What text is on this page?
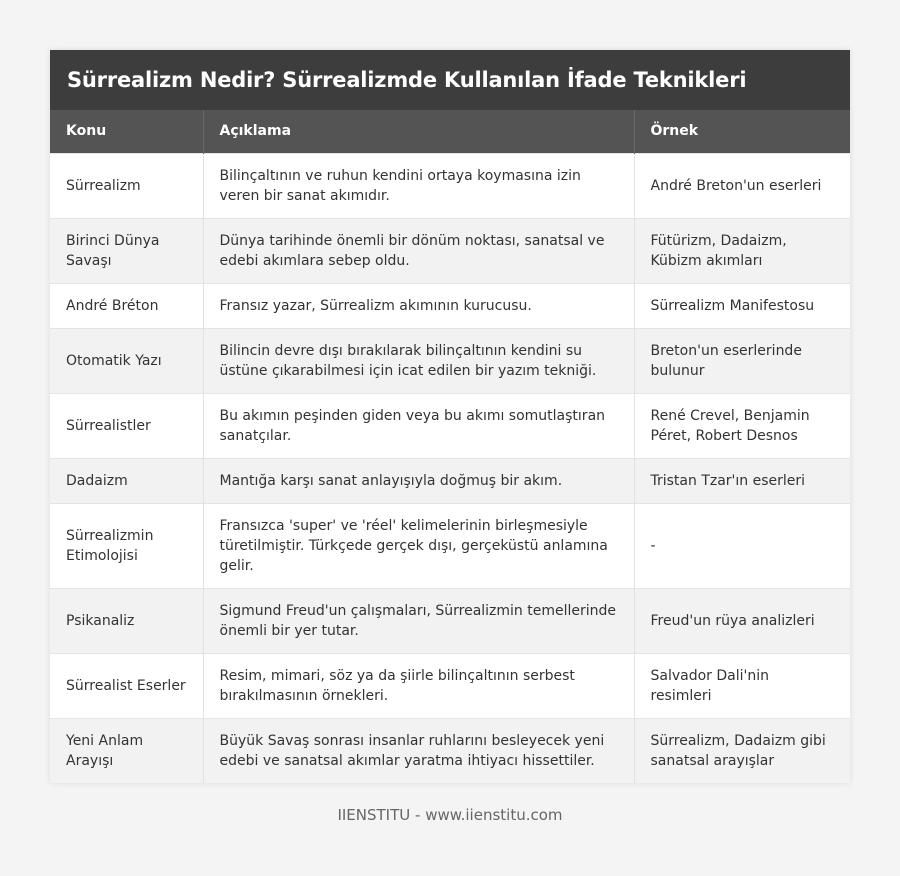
Sürrealizm Nedir? Sürrealizmde Kullanılan İfade Teknikleri
Konu	Açıklama	Örnek
Sürrealizm	Bilinçaltının ve ruhun kendini ortaya koymasına izin veren bir sanat akımıdır.	André Breton'un eserleri
Birinci Dünya Savaşı	Dünya tarihinde önemli bir dönüm noktası, sanatsal ve edebi akımlara sebep oldu.	Fütürizm, Dadaizm, Kübizm akımları
André Bréton	Fransız yazar, Sürrealizm akımının kurucusu.	Sürrealizm Manifestosu
Otomatik Yazı	Bilincin devre dışı bırakılarak bilinçaltının kendini su üstüne çıkarabilmesi için icat edilen bir yazım tekniği.	Breton'un eserlerinde bulunur
Sürrealistler	Bu akımın peşinden giden veya bu akımı somutlaştıran sanatçılar.	René Crevel, Benjamin Péret, Robert Desnos
Dadaizm	Mantığa karşı sanat anlayışıyla doğmuş bir akım.	Tristan Tzar'ın eserleri
Sürrealizmin Etimolojisi	Fransızca 'super' ve 'réel' kelimelerinin birleşmesiyle türetilmiştir. Türkçede gerçek dışı, gerçeküstü anlamına gelir.	-
Psikanaliz	Sigmund Freud'un çalışmaları, Sürrealizmin temellerinde önemli bir yer tutar.	Freud'un rüya analizleri
Sürrealist Eserler	Resim, mimari, söz ya da şiirle bilinçaltının serbest bırakılmasının örnekleri.	Salvador Dali'nin resimleri
Yeni Anlam Arayışı	Büyük Savaş sonrası insanlar ruhlarını besleyecek yeni edebi ve sanatsal akımlar yaratma ihtiyacı hissettiler.	Sürrealizm, Dadaizm gibi sanatsal arayışlar
IIENSTITU - www.iienstitu.com
